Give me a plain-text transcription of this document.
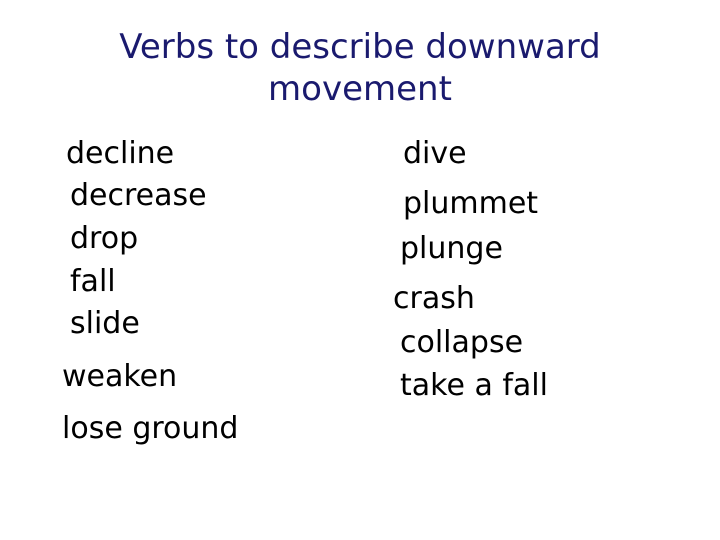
Verbs to describe downward
movement
decline
decrease
drop
fall
slide
weaken
lose ground
dive
plummet
plunge
crash
collapse
take a fall
